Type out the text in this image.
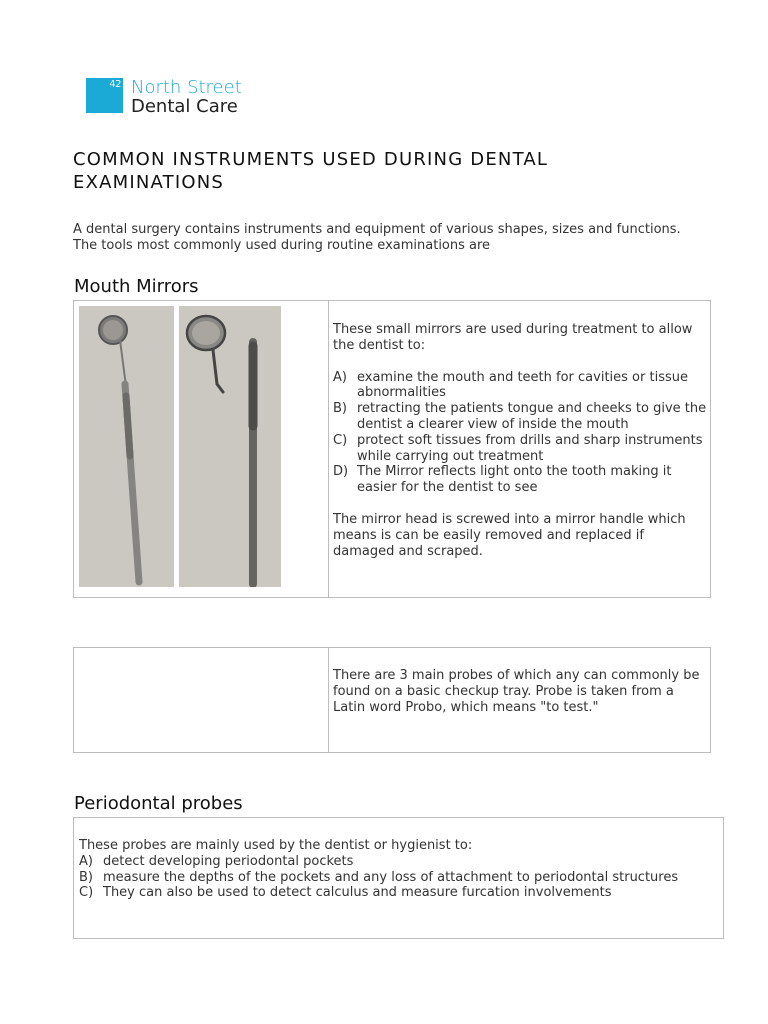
42 North Street
Dental Care
COMMON INSTRUMENTS USED DURING DENTAL EXAMINATIONS
A dental surgery contains instruments and equipment of various shapes, sizes and functions. The tools most commonly used during routine examinations are
Mouth Mirrors

These small mirrors are used during treatment to allow the dentist to:

A) examine the mouth and teeth for cavities or tissue abnormalities
B) retracting the patients tongue and cheeks to give the dentist a clearer view of inside the mouth
C) protect soft tissues from drills and sharp instruments while carrying out treatment
D) The Mirror reflects light onto the tooth making it easier for the dentist to see

The mirror head is screwed into a mirror handle which means is can be easily removed and replaced if damaged and scraped.

There are 3 main probes of which any can commonly be found on a basic checkup tray. Probe is taken from a Latin word Probo, which means "to test."
Periodontal probes

These probes are mainly used by the dentist or hygienist to:

A) detect developing periodontal pockets
B) measure the depths of the pockets and any loss of attachment to periodontal structures
C) They can also be used to detect calculus and measure furcation involvements
